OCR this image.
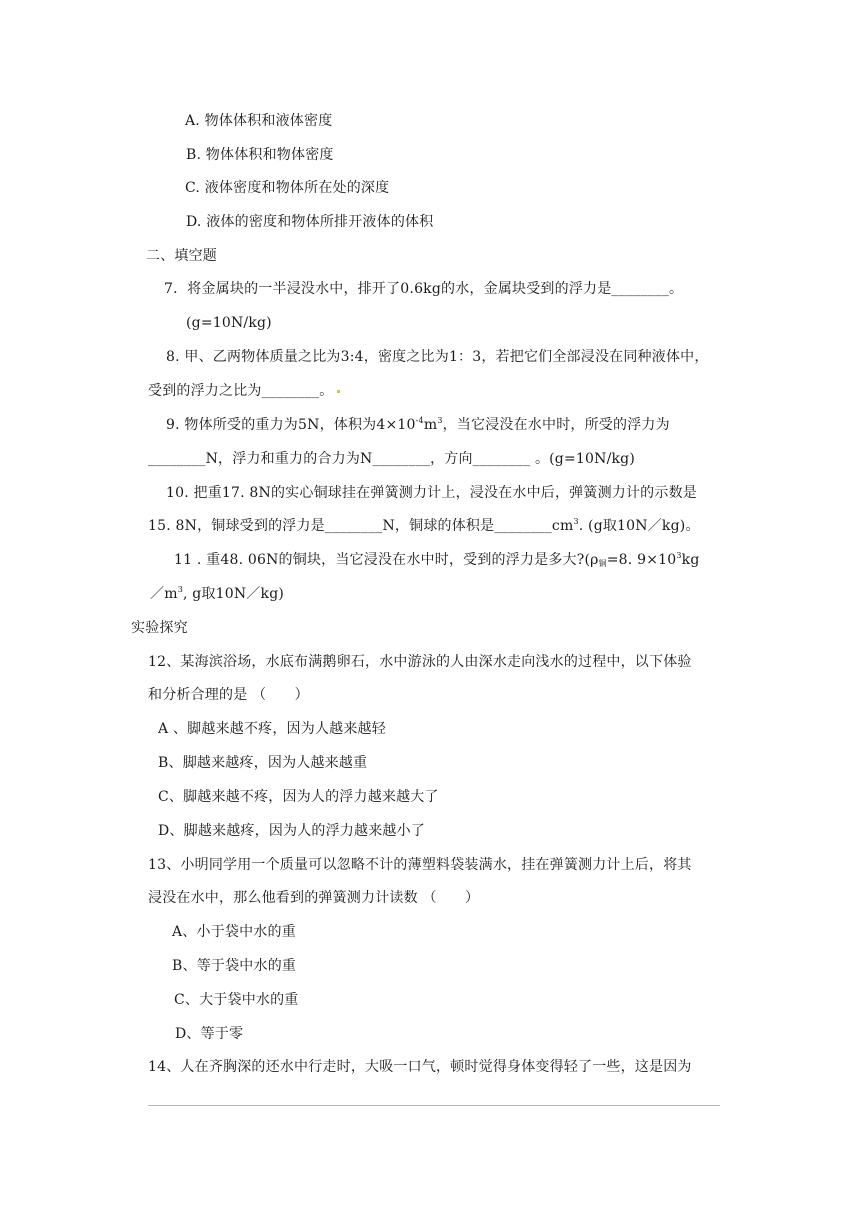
A. 物体体积和液体密度
B. 物体体积和物体密度
C. 液体密度和物体所在处的深度
D. 液体的密度和物体所排开液体的体积
二、填空题
7．将金属块的一半浸没水中，排开了0.6kg的水，金属块受到的浮力是________。
(g=10N/kg)
8. 甲、乙两物体质量之比为3:4，密度之比为1：3，若把它们全部浸没在同种液体中，
受到的浮力之比为________。
9. 物体所受的重力为5N，体积为$4\times 10^{-4}m^3$，当它浸没在水中时，所受的浮力为
________N，浮力和重力的合力为N________，方向________ 。(g=10N/kg)
10. 把重17. 8N的实心铜球挂在弹簧测力计上，浸没在水中后，弹簧测力计的示数是
15. 8N，铜球受到的浮力是________N，铜球的体积是$\_\_\_\_\_\_\_\_cm^3$. (g取10N／kg)。
11 . 重48. 06N的铜块，当它浸没在水中时，受到的浮力是多大$?(\rho_铜=8$. $9\times 10^3kg$
$/m^3$, g取10N／kg)
实验探究
12、某海滨浴场，水底布满鹅卵石，水中游泳的人由深水走向浅水的过程中，以下体验
和分析合理的是 （　　）
A 、脚越来越不疼，因为人越来越轻
B、脚越来越疼，因为人越来越重
C、脚越来越不疼，因为人的浮力越来越大了
D、脚越来越疼，因为人的浮力越来越小了
13、小明同学用一个质量可以忽略不计的薄塑料袋装满水，挂在弹簧测力计上后，将其
浸没在水中，那么他看到的弹簧测力计读数 （　　）
A、小于袋中水的重
B、等于袋中水的重
C、大于袋中水的重
D、等于零
14、人在齐胸深的还水中行走时，大吸一口气，顿时觉得身体变得轻了一些，这是因为
